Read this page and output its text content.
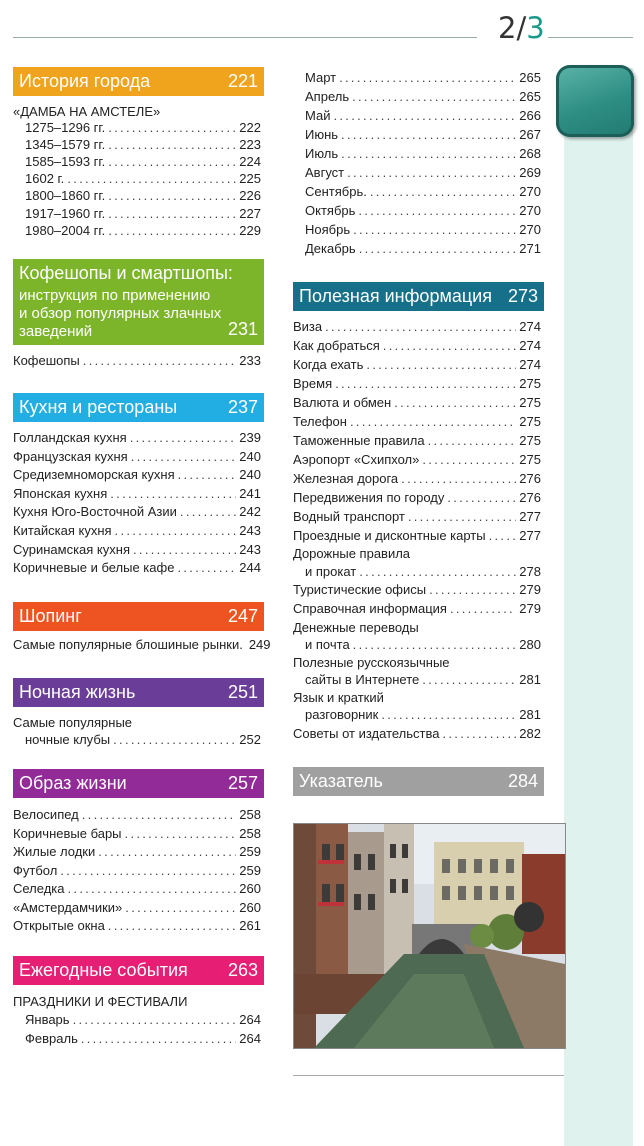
2/3
История города	221
«ДАМБА НА АМСТЕЛЕ»
1275–1296 гг. .....	222
1345–1579 гг. .....	223
1585–1593 гг. .....	224
1602 г. .....	225
1800–1860 гг. .....	226
1917–1960 гг. .....	227
1980–2004 гг. .....	229
Кофешопы и смартшопы:
инструкция по применению
и обзор популярных злачных
заведений	231
Кофешопы .....	233
Кухня и рестораны	237
Голландская кухня .....	239
Французская кухня .....	240
Средиземноморская кухня .....	240
Японская кухня .....	241
Кухня Юго-Восточной Азии .....	242
Китайская кухня .....	243
Суринамская кухня .....	243
Коричневые и белые кафе .....	244
Шопинг	247
Самые популярные блошиные рынки. 249
Ночная жизнь	251
Самые популярные
ночные клубы .....	252
Образ жизни	257
Велосипед .....	258
Коричневые бары .....	258
Жилые лодки .....	259
Футбол .....	259
Селедка .....	260
«Амстердамчики» .....	260
Открытые окна .....	261
Ежегодные события 263
ПРАЗДНИКИ И ФЕСТИВАЛИ
Январь .....	264
Февраль .....	264
Март .....	265
Апрель .....	265
Май .....	266
Июнь .....	267
Июль .....	268
Август .....	269
Сентябрь. .....	270
Октябрь .....	270
Ноябрь .....	270
Декабрь .....	271
Полезная информация 273
Виза .....	274
Как добраться .....	274
Когда ехать .....	274
Время .....	275
Валюта и обмен .....	275
Телефон .....	275
Таможенные правила .....	275
Аэропорт «Схипхол» .....	275
Железная дорога .....	276
Передвижения по городу .....	276
Водный транспорт .....	277
Проездные и дисконтные карты .....	277
Дорожные правила
и прокат .....	278
Туристические офисы .....	279
Справочная информация .....	279
Денежные переводы
и почта .....	280
Полезные русскоязычные
сайты в Интернете .....	281
Язык и краткий
разговорник .....	281
Советы от издательства .....	282
Указатель	284
